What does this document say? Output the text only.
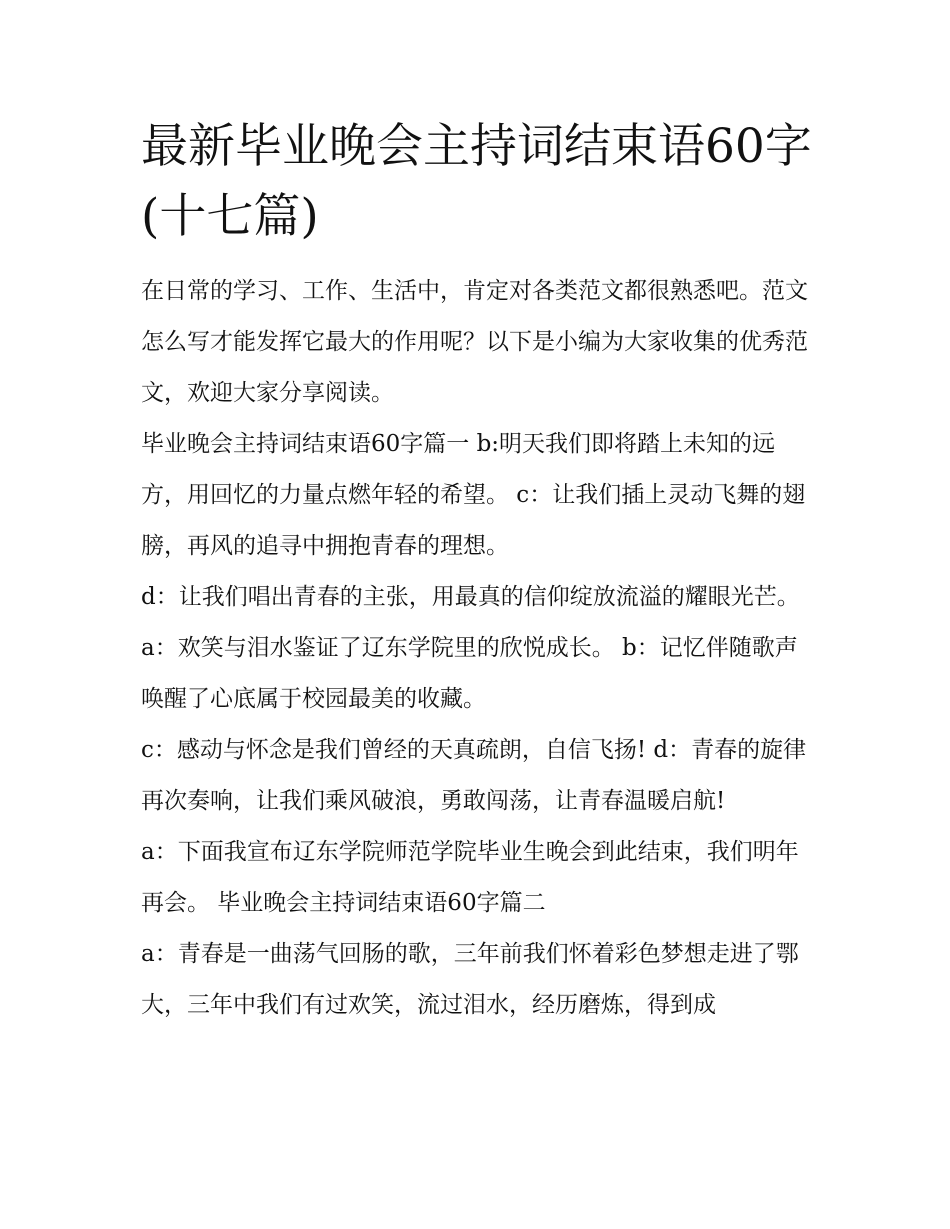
最新毕业晚会主持词结束语60字(十七篇)

在日常的学习、工作、生活中，肯定对各类范文都很熟悉吧。范文怎么写才能发挥它最大的作用呢？以下是小编为大家收集的优秀范文，欢迎大家分享阅读。

毕业晚会主持词结束语60字篇一 b:明天我们即将踏上未知的远方，用回忆的力量点燃年轻的希望。 c：让我们插上灵动飞舞的翅膀，再风的追寻中拥抱青春的理想。

d：让我们唱出青春的主张，用最真的信仰绽放流溢的耀眼光芒。 a：欢笑与泪水鉴证了辽东学院里的欣悦成长。 b：记忆伴随歌声唤醒了心底属于校园最美的收藏。

c：感动与怀念是我们曾经的天真疏朗，自信飞扬! d：青春的旋律再次奏响，让我们乘风破浪，勇敢闯荡，让青春温暖启航!

a：下面我宣布辽东学院师范学院毕业生晚会到此结束，我们明年再会。 毕业晚会主持词结束语60字篇二

a：青春是一曲荡气回肠的歌，三年前我们怀着彩色梦想走进了鄂大，三年中我们有过欢笑，流过泪水，经历磨炼，得到成
